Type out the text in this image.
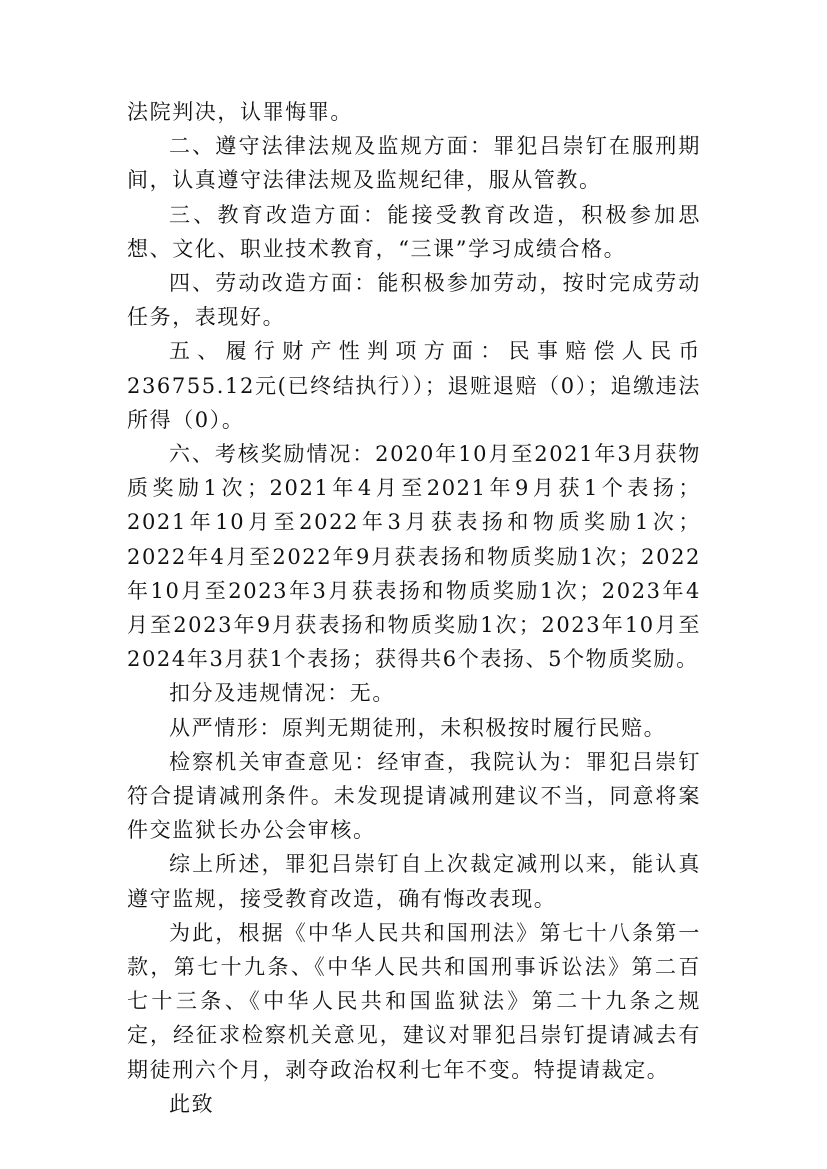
法院判决，认罪悔罪。

二、遵守法律法规及监规方面：罪犯吕崇钉在服刑期间，认真遵守法律法规及监规纪律，服从管教。

三、教育改造方面：能接受教育改造，积极参加思想、文化、职业技术教育，“三课”学习成绩合格。

四、劳动改造方面：能积极参加劳动，按时完成劳动任务，表现好。

五、履行财产性判项方面：民事赔偿人民币236755.12元(已终结执行））；退赃退赔（0）；追缴违法所得（0）。

六、考核奖励情况：2020年10月至2021年3月获物质奖励1次；2021年4月至2021年9月获1个表扬；2021年10月至2022年3月获表扬和物质奖励1次；2022年4月至2022年9月获表扬和物质奖励1次；2022年10月至2023年3月获表扬和物质奖励1次；2023年4月至2023年9月获表扬和物质奖励1次；2023年10月至2024年3月获1个表扬；获得共6个表扬、5个物质奖励。

扣分及违规情况：无。

从严情形：原判无期徒刑，未积极按时履行民赔。

检察机关审查意见：经审查，我院认为：罪犯吕崇钉符合提请减刑条件。未发现提请减刑建议不当，同意将案件交监狱长办公会审核。

综上所述，罪犯吕崇钉自上次裁定减刑以来，能认真遵守监规，接受教育改造，确有悔改表现。

为此，根据《中华人民共和国刑法》第七十八条第一款，第七十九条、《中华人民共和国刑事诉讼法》第二百七十三条、《中华人民共和国监狱法》第二十九条之规定，经征求检察机关意见，建议对罪犯吕崇钉提请减去有期徒刑六个月，剥夺政治权利七年不变。特提请裁定。

此致
